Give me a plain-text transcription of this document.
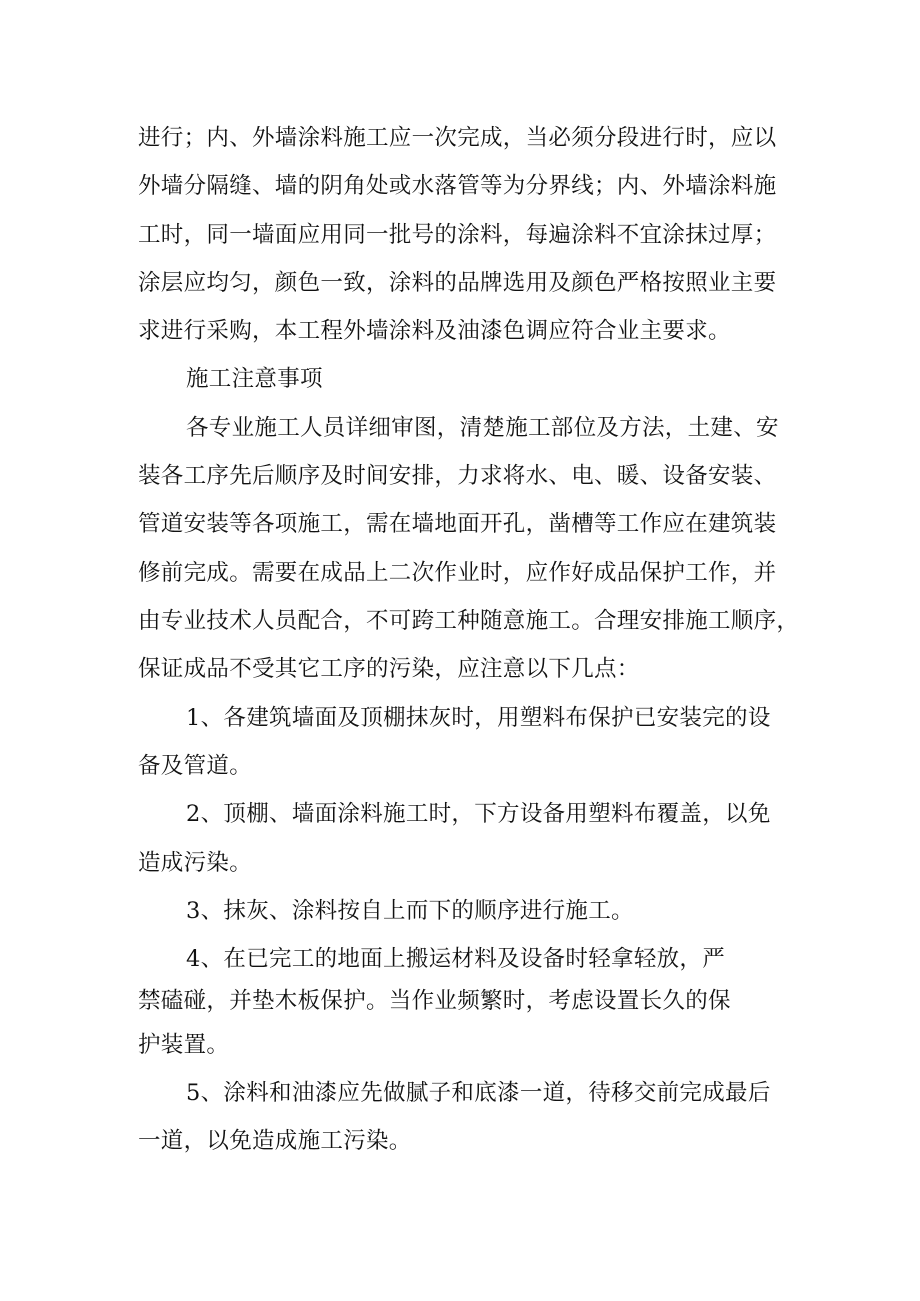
进行；内、外墙涂料施工应一次完成，当必须分段进行时，应以
外墙分隔缝、墙的阴角处或水落管等为分界线；内、外墙涂料施
工时，同一墙面应用同一批号的涂料，每遍涂料不宜涂抹过厚；
涂层应均匀，颜色一致，涂料的品牌选用及颜色严格按照业主要
求进行采购，本工程外墙涂料及油漆色调应符合业主要求。
施工注意事项
各专业施工人员详细审图，清楚施工部位及方法，土建、安
装各工序先后顺序及时间安排，力求将水、电、暖、设备安装、
管道安装等各项施工，需在墙地面开孔，凿槽等工作应在建筑装
修前完成。需要在成品上二次作业时，应作好成品保护工作，并
由专业技术人员配合，不可跨工种随意施工。合理安排施工顺序，
保证成品不受其它工序的污染，应注意以下几点：
1、各建筑墙面及顶棚抹灰时，用塑料布保护已安装完的设
备及管道。
2、顶棚、墙面涂料施工时，下方设备用塑料布覆盖，以免
造成污染。
3、抹灰、涂料按自上而下的顺序进行施工。
4、在已完工的地面上搬运材料及设备时轻拿轻放，严
禁磕碰，并垫木板保护。当作业频繁时，考虑设置长久的保
护装置。
5、涂料和油漆应先做腻子和底漆一道，待移交前完成最后
一道，以免造成施工污染。
